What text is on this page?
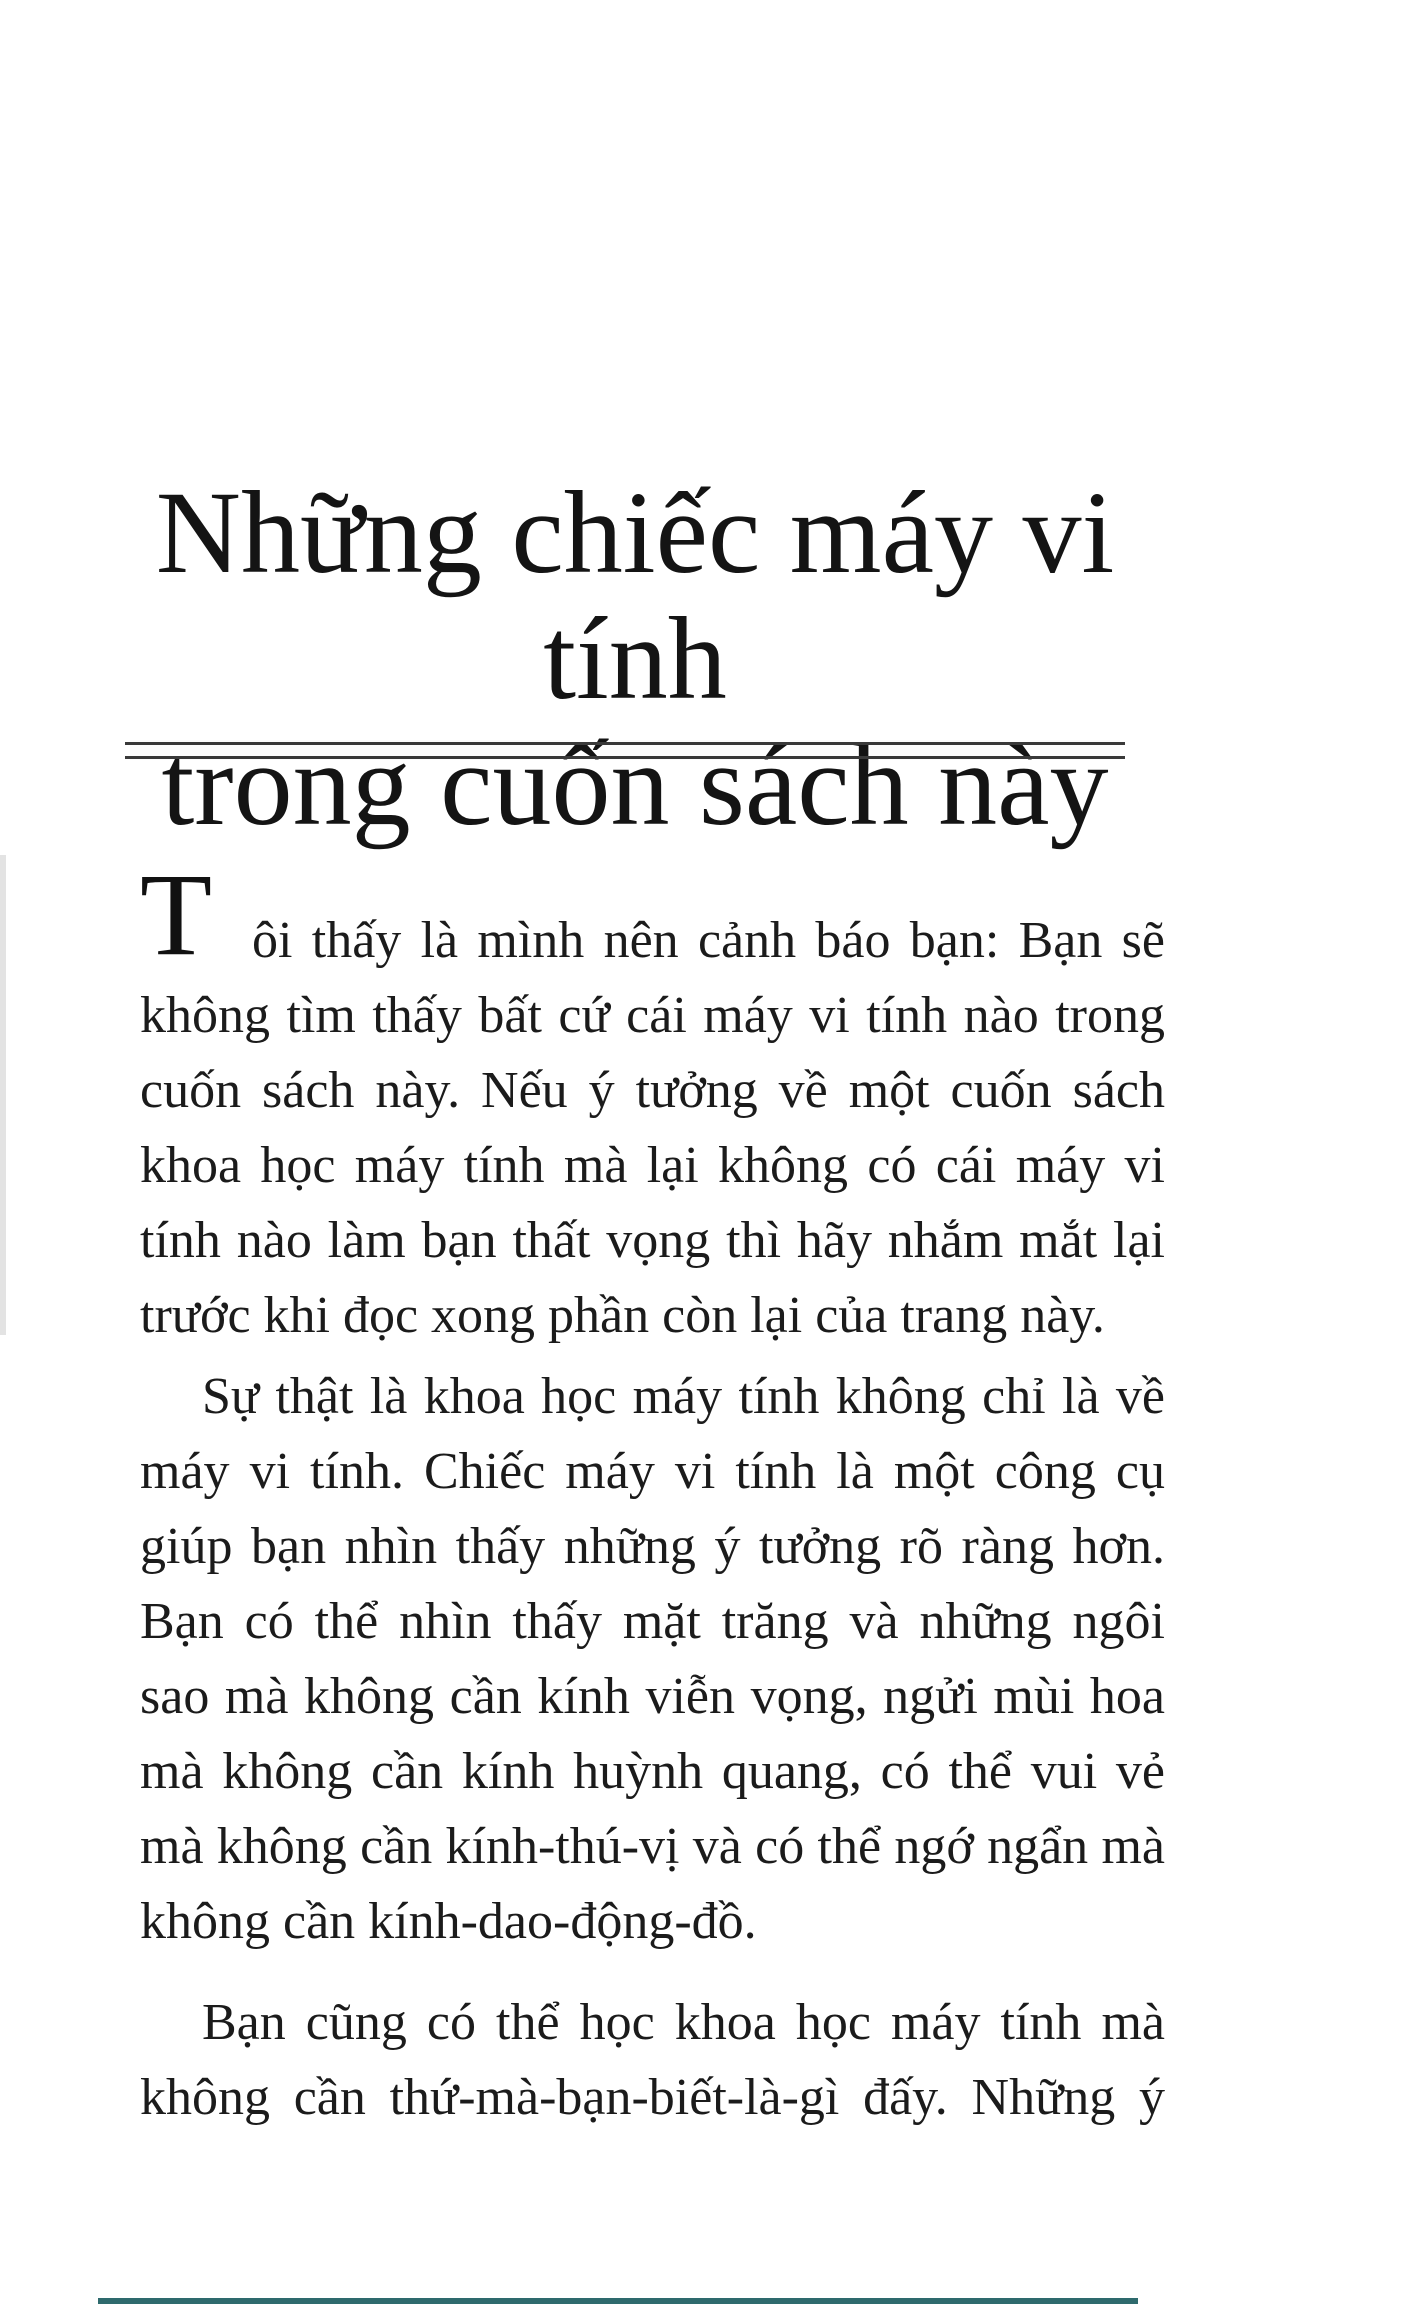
Những chiếc máy vi tính
trong cuốn sách này
T ôi thấy là mình nên cảnh báo bạn: Bạn sẽ
không tìm thấy bất cứ cái máy vi tính nào trong
cuốn sách này. Nếu ý tưởng về một cuốn sách
khoa học máy tính mà lại không có cái máy vi
tính nào làm bạn thất vọng thì hãy nhắm mắt lại
trước khi đọc xong phần còn lại của trang này.
Sự thật là khoa học máy tính không chỉ là về
máy vi tính. Chiếc máy vi tính là một công cụ
giúp bạn nhìn thấy những ý tưởng rõ ràng hơn.
Bạn có thể nhìn thấy mặt trăng và những ngôi
sao mà không cần kính viễn vọng, ngửi mùi hoa
mà không cần kính huỳnh quang, có thể vui vẻ
mà không cần kính-thú-vị và có thể ngớ ngẩn mà
không cần kính-dao-động-đồ.
Bạn cũng có thể học khoa học máy tính mà
không cần thứ-mà-bạn-biết-là-gì đấy. Những ý
